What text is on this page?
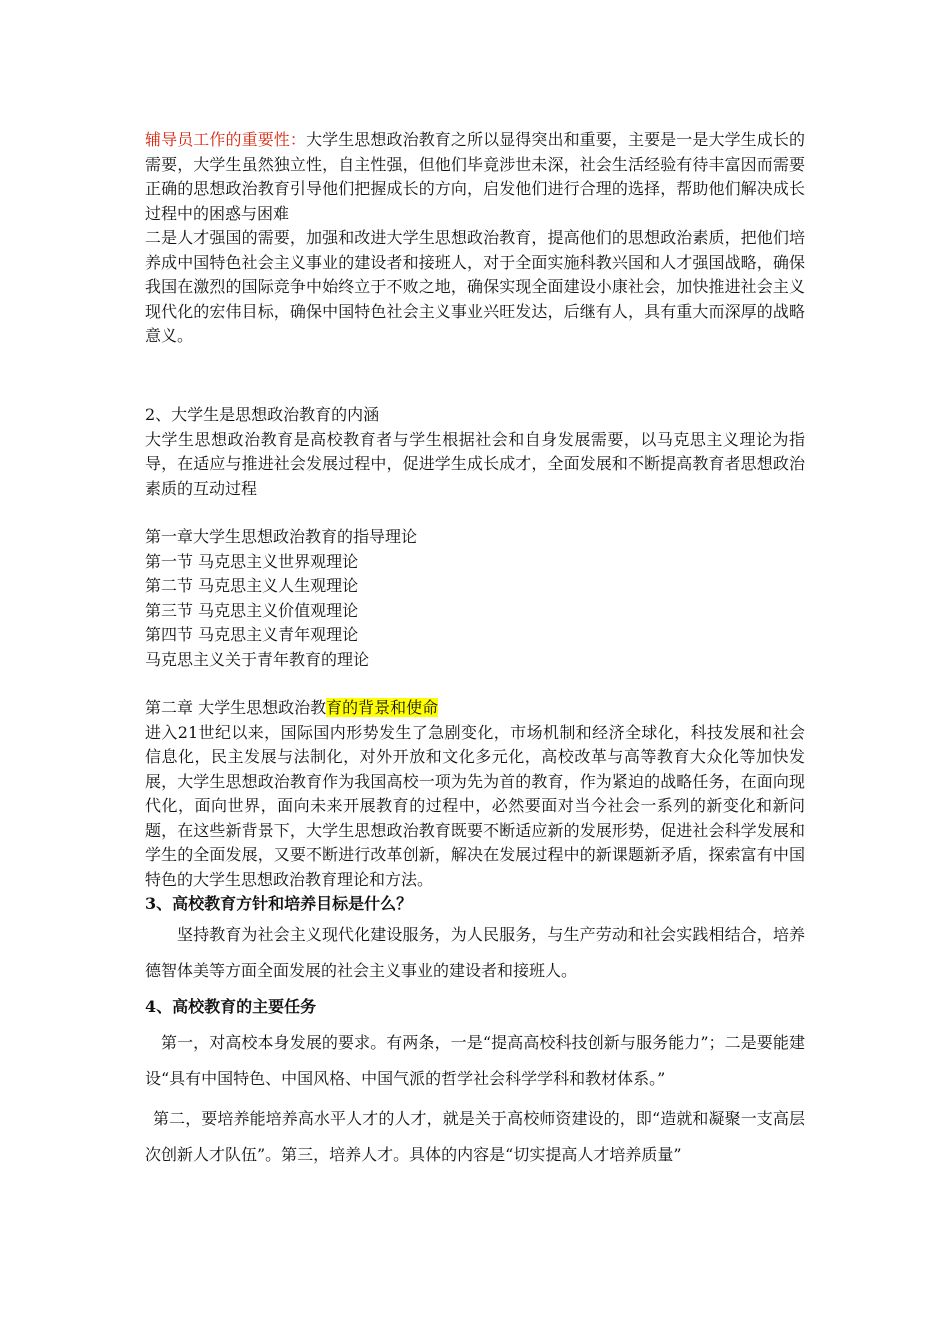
辅导员工作的重要性：大学生思想政治教育之所以显得突出和重要，主要是一是大学生成长的需要，大学生虽然独立性，自主性强，但他们毕竟涉世未深，社会生活经验有待丰富因而需要正确的思想政治教育引导他们把握成长的方向，启发他们进行合理的选择，帮助他们解决成长过程中的困惑与困难

二是人才强国的需要，加强和改进大学生思想政治教育，提高他们的思想政治素质，把他们培养成中国特色社会主义事业的建设者和接班人，对于全面实施科教兴国和人才强国战略，确保我国在激烈的国际竞争中始终立于不败之地，确保实现全面建设小康社会，加快推进社会主义现代化的宏伟目标，确保中国特色社会主义事业兴旺发达，后继有人，具有重大而深厚的战略意义。

2、大学生是思想政治教育的内涵

大学生思想政治教育是高校教育者与学生根据社会和自身发展需要，以马克思主义理论为指导，在适应与推进社会发展过程中，促进学生成长成才，全面发展和不断提高教育者思想政治素质的互动过程

第一章大学生思想政治教育的指导理论

第一节 马克思主义世界观理论

第二节 马克思主义人生观理论

第三节 马克思主义价值观理论

第四节 马克思主义青年观理论

马克思主义关于青年教育的理论

第二章 大学生思想政治教育的背景和使命

进入21世纪以来，国际国内形势发生了急剧变化，市场机制和经济全球化，科技发展和社会信息化，民主发展与法制化，对外开放和文化多元化，高校改革与高等教育大众化等加快发展，大学生思想政治教育作为我国高校一项为先为首的教育，作为紧迫的战略任务，在面向现代化，面向世界，面向未来开展教育的过程中，必然要面对当今社会一系列的新变化和新问题，在这些新背景下，大学生思想政治教育既要不断适应新的发展形势，促进社会科学发展和学生的全面发展，又要不断进行改革创新，解决在发展过程中的新课题新矛盾，探索富有中国特色的大学生思想政治教育理论和方法。

3、高校教育方针和培养目标是什么？

坚持教育为社会主义现代化建设服务，为人民服务，与生产劳动和社会实践相结合，培养德智体美等方面全面发展的社会主义事业的建设者和接班人。

4、高校教育的主要任务

第一，对高校本身发展的要求。有两条，一是“提高高校科技创新与服务能力”；二是要能建设“具有中国特色、中国风格、中国气派的哲学社会科学学科和教材体系。”

第二，要培养能培养高水平人才的人才，就是关于高校师资建设的，即“造就和凝聚一支高层次创新人才队伍”。第三，培养人才。具体的内容是“切实提高人才培养质量”
